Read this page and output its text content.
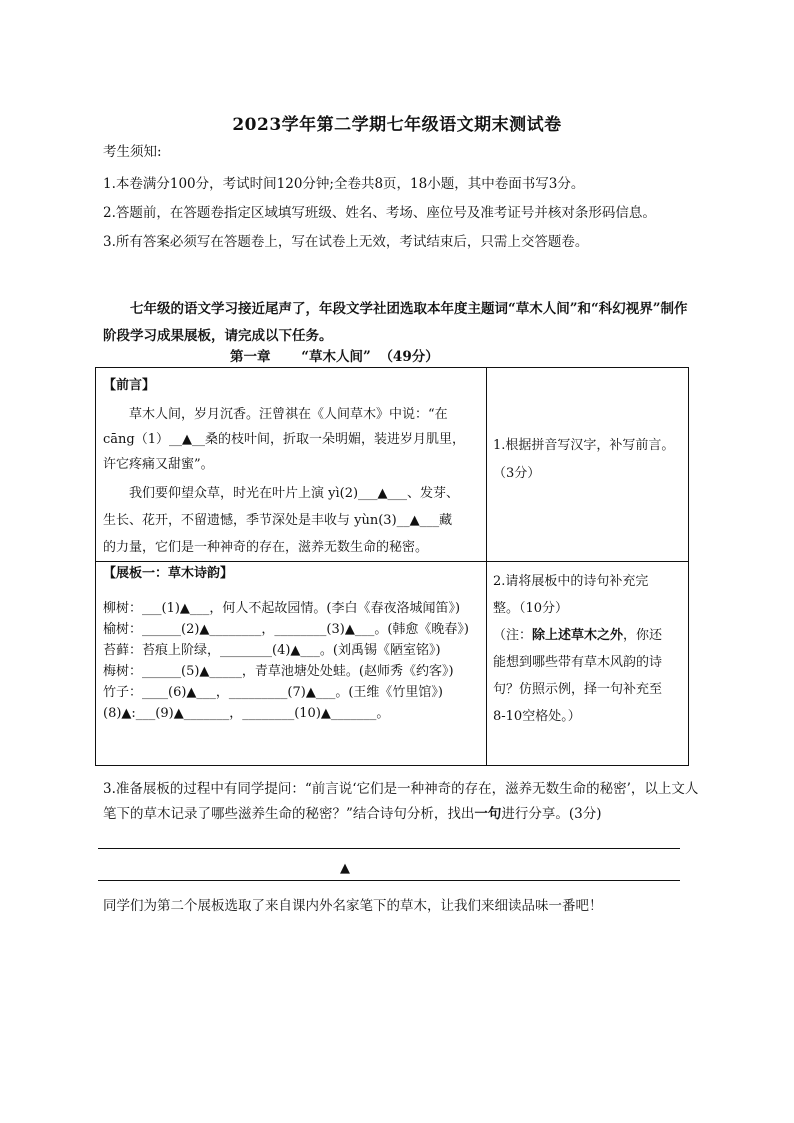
2023学年第二学期七年级语文期末测试卷
考生须知:
1.本卷满分100分，考试时间120分钟;全卷共8页，18小题，其中卷面书写3分。
2.答题前，在答题卷指定区域填写班级、姓名、考场、座位号及准考证号并核对条形码信息。
3.所有答案必须写在答题卷上，写在试卷上无效，考试结束后，只需上交答题卷。
七年级的语文学习接近尾声了，年段文学社团选取本年度主题词“草木人间”和“科幻视界”制作阶段学习成果展板，请完成以下任务。
第一章 “草木人间” （49分）
【前言】
草木人间，岁月沉香。汪曾祺在《人间草木》中说：“在
cāng（1）__▲__桑的枝叶间，折取一朵明媚，装进岁月肌里，
许它疼痛又甜蜜”。
我们要仰望众草，时光在叶片上演 yì(2)___▲___、发芽、
生长、花开，不留遗憾，季节深处是丰收与 yùn(3)__▲___藏
的力量，它们是一种神奇的存在，滋养无数生命的秘密。
1.根据拼音写汉字，补写前言。
（3分）
【展板一：草木诗韵】
柳树：___(1)▲___，何人不起故园情。(李白《春夜洛城闻笛》)
榆树：______(2)▲________，________(3)▲___。(韩愈《晚春》)
苔藓：苔痕上阶绿，________(4)▲___。(刘禹锡《陋室铭》)
梅树：______(5)▲_____，青草池塘处处蛙。(赵师秀《约客》)
竹子：____(6)▲___，_________(7)▲___。(王维《竹里馆》)
(8)▲:___(9)▲_______，________(10)▲_______。
2.请将展板中的诗句补充完
整。（10分）
（注：除上述草木之外，你还
能想到哪些带有草木风韵的诗
句？仿照示例，择一句补充至
8-10空格处。）
3.准备展板的过程中有同学提问：“前言说‘它们是一种神奇的存在，滋养无数生命的秘密’，以上文人笔下的草木记录了哪些滋养生命的秘密？”结合诗句分析，找出一句进行分享。(3分)
▲
同学们为第二个展板选取了来自课内外名家笔下的草木，让我们来细读品味一番吧！
